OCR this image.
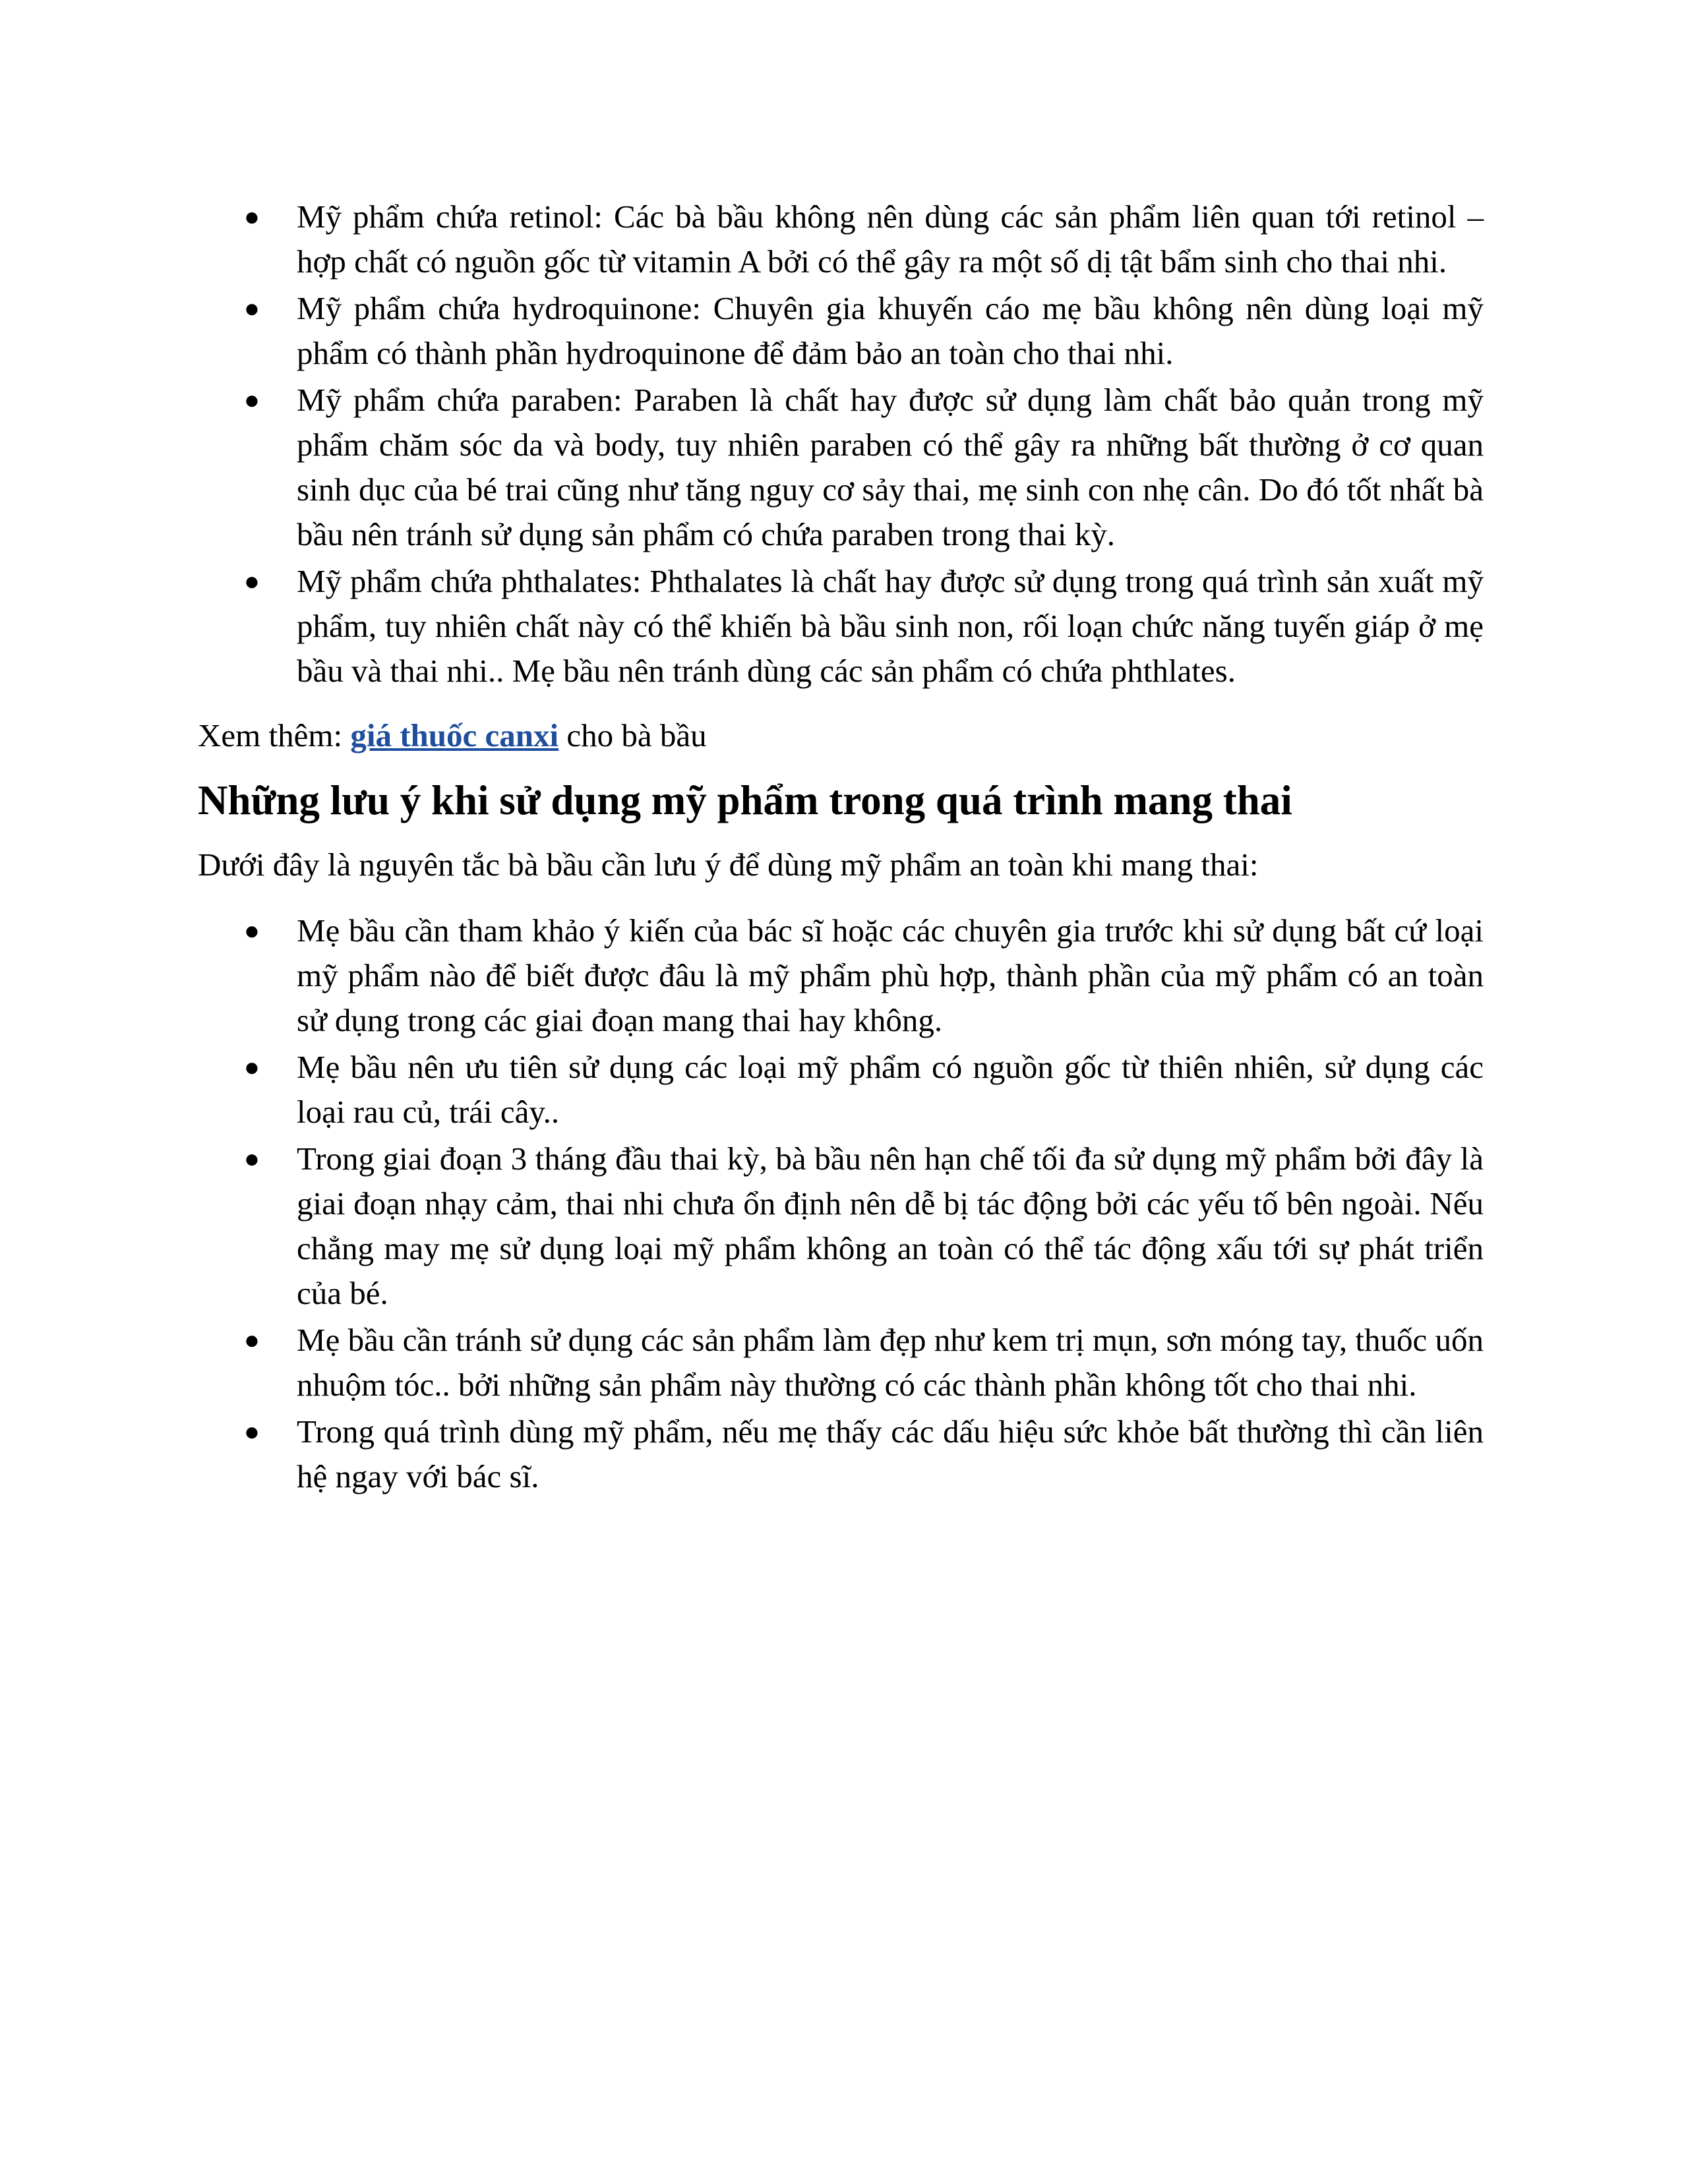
● Mỹ phẩm chứa retinol: Các bà bầu không nên dùng các sản phẩm liên quan tới retinol – hợp chất có nguồn gốc từ vitamin A bởi có thể gây ra một số dị tật bẩm sinh cho thai nhi.
● Mỹ phẩm chứa hydroquinone: Chuyên gia khuyến cáo mẹ bầu không nên dùng loại mỹ phẩm có thành phần hydroquinone để đảm bảo an toàn cho thai nhi.
● Mỹ phẩm chứa paraben: Paraben là chất hay được sử dụng làm chất bảo quản trong mỹ phẩm chăm sóc da và body, tuy nhiên paraben có thể gây ra những bất thường ở cơ quan sinh dục của bé trai cũng như tăng nguy cơ sảy thai, mẹ sinh con nhẹ cân. Do đó tốt nhất bà bầu nên tránh sử dụng sản phẩm có chứa paraben trong thai kỳ.
● Mỹ phẩm chứa phthalates: Phthalates là chất hay được sử dụng trong quá trình sản xuất mỹ phẩm, tuy nhiên chất này có thể khiến bà bầu sinh non, rối loạn chức năng tuyến giáp ở mẹ bầu và thai nhi.. Mẹ bầu nên tránh dùng các sản phẩm có chứa phthlates.

Xem thêm: giá thuốc canxi cho bà bầu

Những lưu ý khi sử dụng mỹ phẩm trong quá trình mang thai

Dưới đây là nguyên tắc bà bầu cần lưu ý để dùng mỹ phẩm an toàn khi mang thai:

● Mẹ bầu cần tham khảo ý kiến của bác sĩ hoặc các chuyên gia trước khi sử dụng bất cứ loại mỹ phẩm nào để biết được đâu là mỹ phẩm phù hợp, thành phần của mỹ phẩm có an toàn sử dụng trong các giai đoạn mang thai hay không.
● Mẹ bầu nên ưu tiên sử dụng các loại mỹ phẩm có nguồn gốc từ thiên nhiên, sử dụng các loại rau củ, trái cây..
● Trong giai đoạn 3 tháng đầu thai kỳ, bà bầu nên hạn chế tối đa sử dụng mỹ phẩm bởi đây là giai đoạn nhạy cảm, thai nhi chưa ổn định nên dễ bị tác động bởi các yếu tố bên ngoài. Nếu chẳng may mẹ sử dụng loại mỹ phẩm không an toàn có thể tác động xấu tới sự phát triển của bé.
● Mẹ bầu cần tránh sử dụng các sản phẩm làm đẹp như kem trị mụn, sơn móng tay, thuốc uốn nhuộm tóc.. bởi những sản phẩm này thường có các thành phần không tốt cho thai nhi.
● Trong quá trình dùng mỹ phẩm, nếu mẹ thấy các dấu hiệu sức khỏe bất thường thì cần liên hệ ngay với bác sĩ.
